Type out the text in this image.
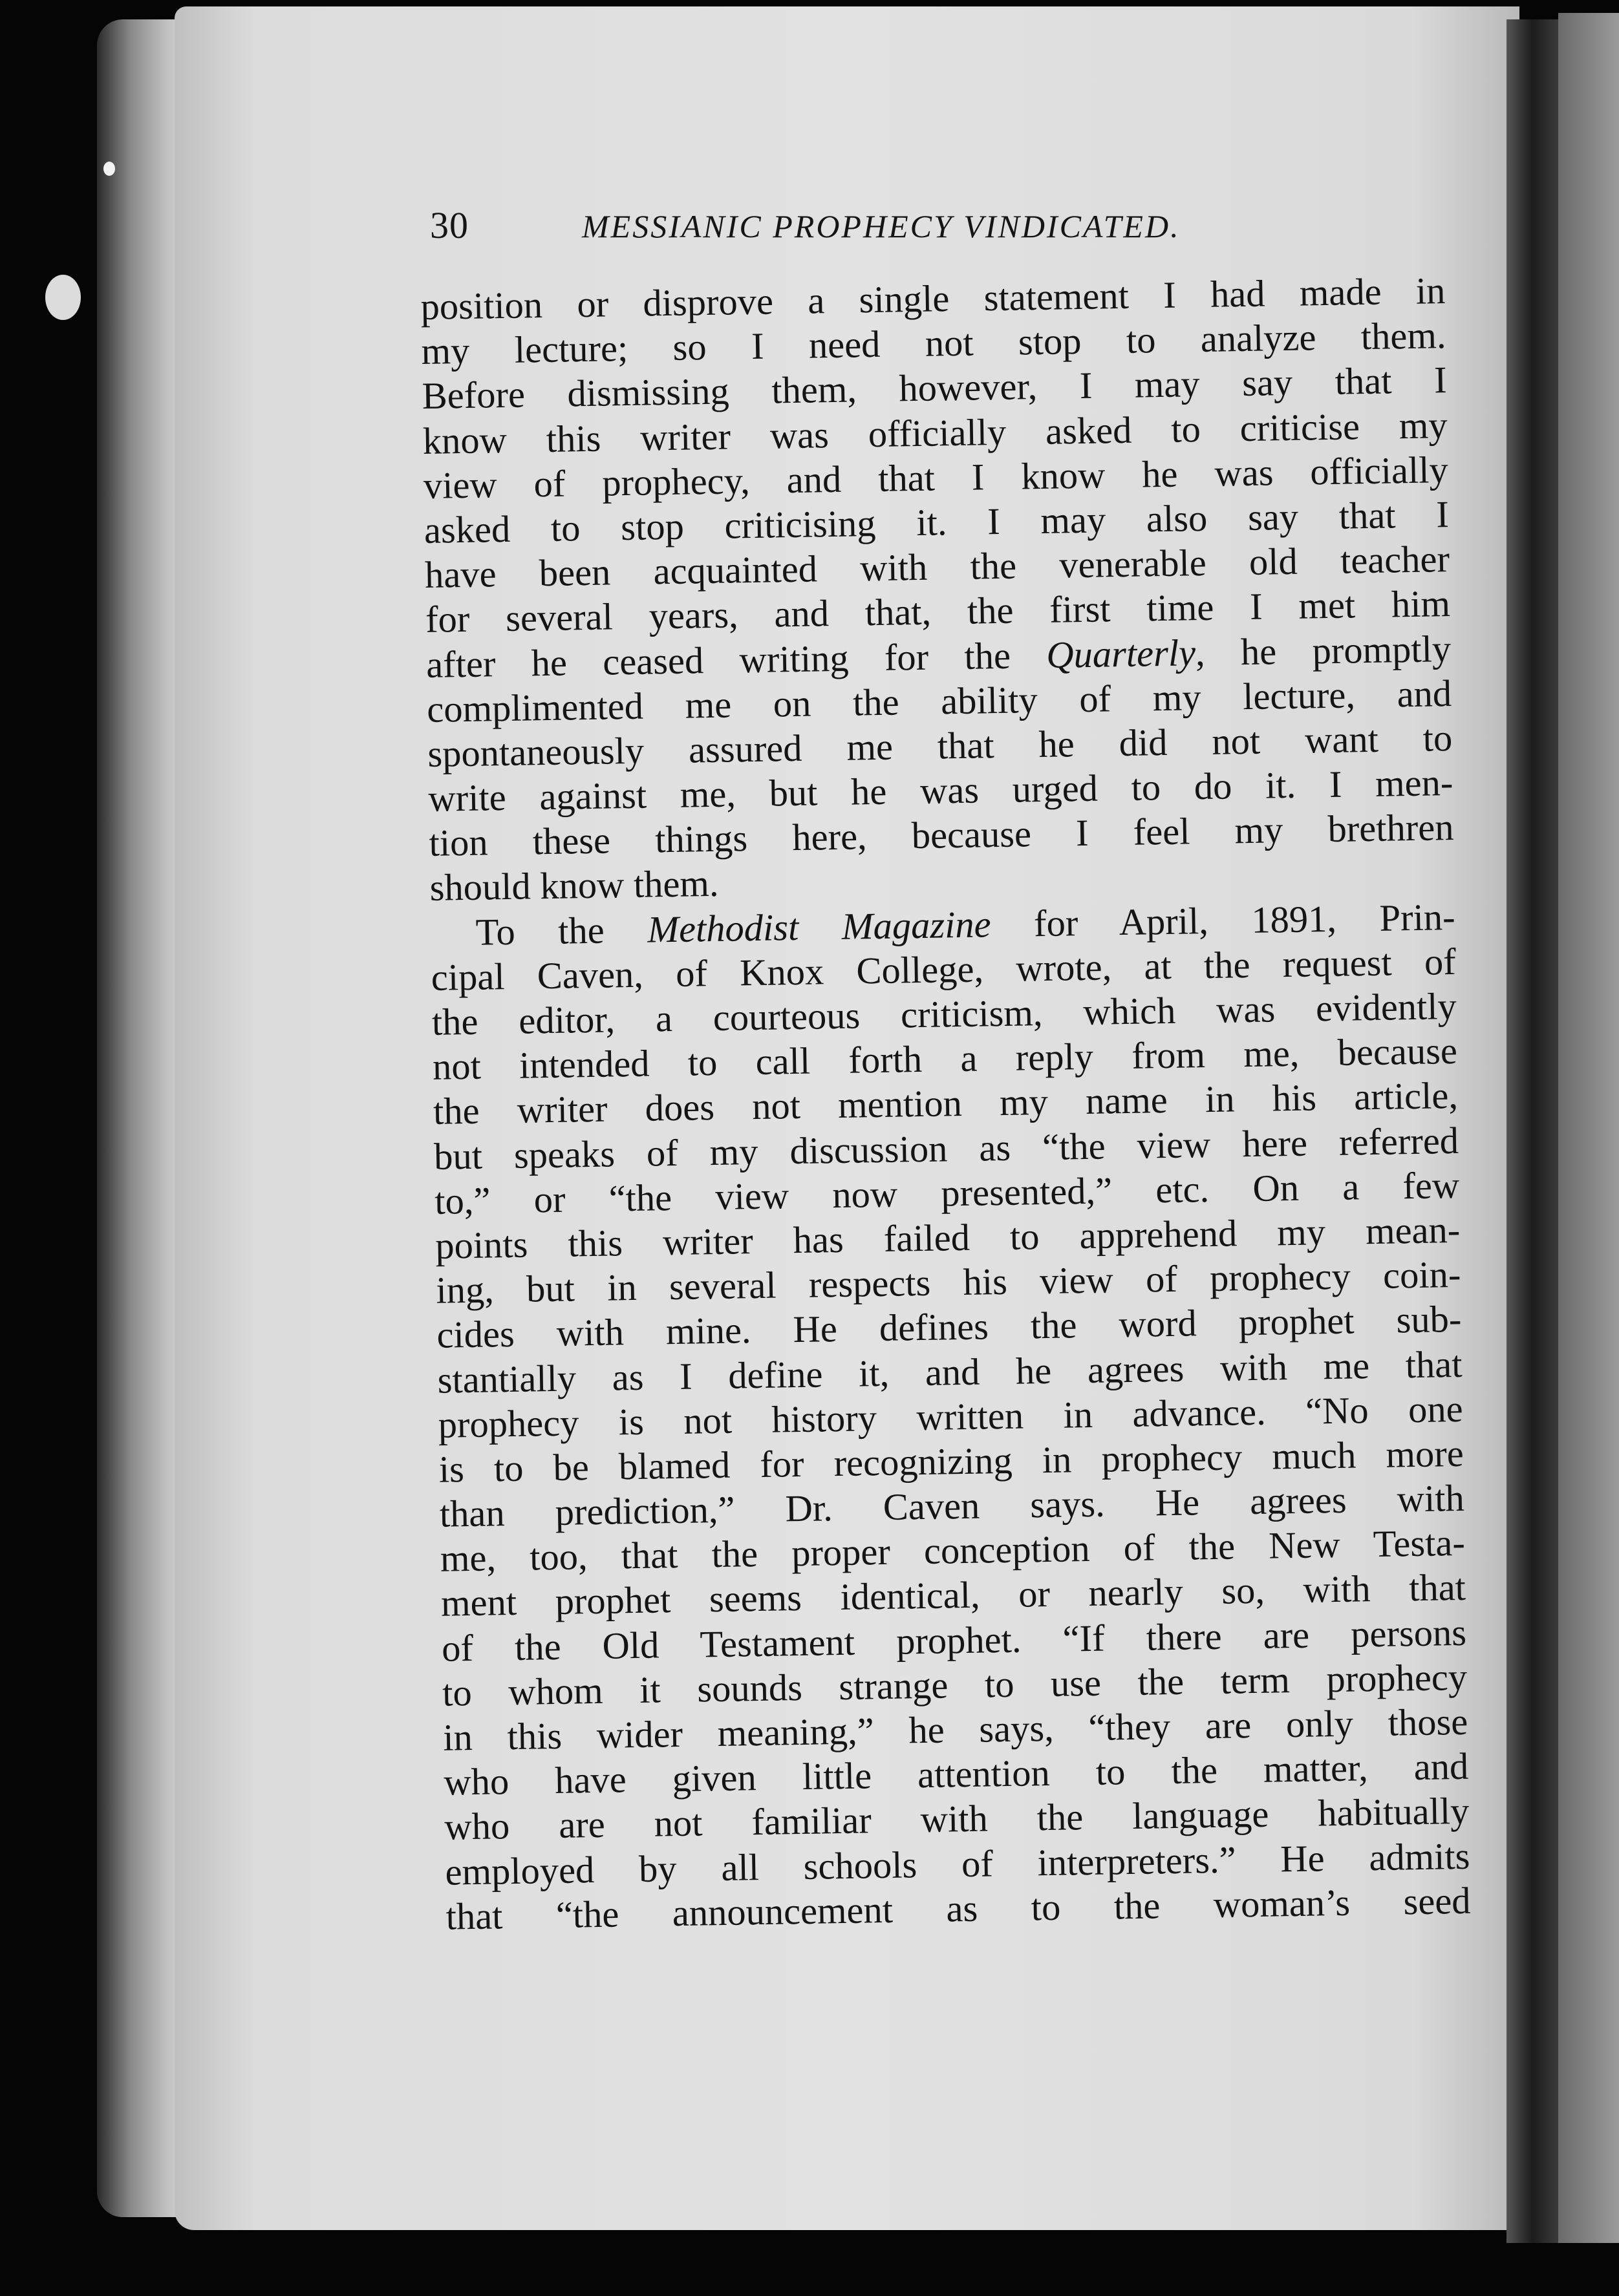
30	MESSIANIC PROPHECY VINDICATED.
position or disprove a single statement I had made in
my lecture; so I need not stop to analyze them.
Before dismissing them, however, I may say that I
know this writer was officially asked to criticise my
view of prophecy, and that I know he was officially
asked to stop criticising it. I may also say that I
have been acquainted with the venerable old teacher
for several years, and that, the first time I met him
after he ceased writing for the Quarterly, he promptly
complimented me on the ability of my lecture, and
spontaneously assured me that he did not want to
write against me, but he was urged to do it. I men-
tion these things here, because I feel my brethren
should know them.
To the Methodist Magazine for April, 1891, Prin-
cipal Caven, of Knox College, wrote, at the request of
the editor, a courteous criticism, which was evidently
not intended to call forth a reply from me, because
the writer does not mention my name in his article,
but speaks of my discussion as “the view here referred
to,” or “the view now presented,” etc. On a few
points this writer has failed to apprehend my mean-
ing, but in several respects his view of prophecy coin-
cides with mine. He defines the word prophet sub-
stantially as I define it, and he agrees with me that
prophecy is not history written in advance. “No one
is to be blamed for recognizing in prophecy much more
than prediction,” Dr. Caven says. He agrees with
me, too, that the proper conception of the New Testa-
ment prophet seems identical, or nearly so, with that
of the Old Testament prophet. “If there are persons
to whom it sounds strange to use the term prophecy
in this wider meaning,” he says, “they are only those
who have given little attention to the matter, and
who are not familiar with the language habitually
employed by all schools of interpreters.” He admits
that “the announcement as to the woman’s seed
